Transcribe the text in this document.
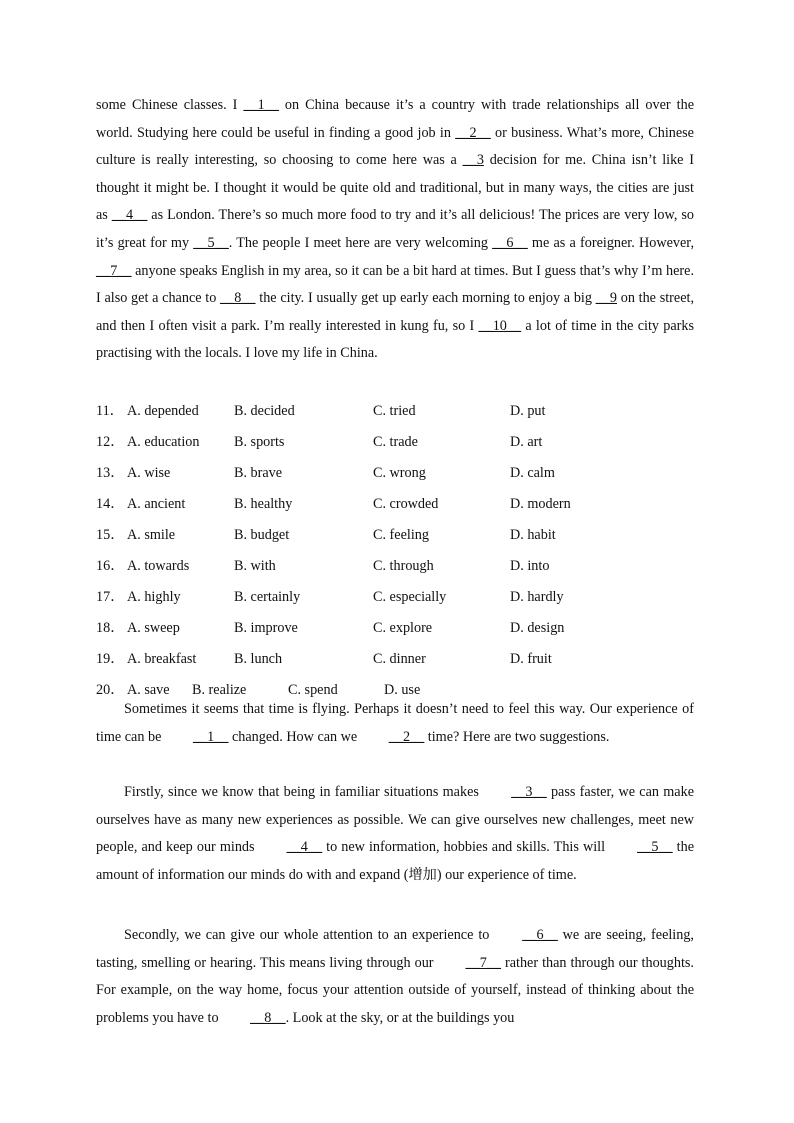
some Chinese classes. I __1__ on China because it’s a country with trade relationships all over the world. Studying here could be useful in finding a good job in __2__ or business. What’s more, Chinese culture is really interesting, so choosing to come here was a __3 decision for me. China isn’t like I thought it might be. I thought it would be quite old and traditional, but in many ways, the cities are just as __4__ as London. There’s so much more food to try and it’s all delicious! The prices are very low, so it’s great for my __5__. The people I meet here are very welcoming __6__ me as a foreigner. However, __7__ anyone speaks English in my area, so it can be a bit hard at times. But I guess that’s why I’m here. I also get a chance to __8__ the city. I usually get up early each morning to enjoy a big __9 on the street, and then I often visit a park. I’m really interested in kung fu, so I __10__ a lot of time in the city parks practising with the locals. I love my life in China.
11． A. depended B. decided	C. tried	D. put
12． A. education B. sports	C. trade	D. art
13． A. wise	B. brave	C. wrong	D. calm
14． A. ancient	B. healthy	C. crowded	D. modern
15． A. smile	B. budget	C. feeling	D. habit
16． A. towards	B. with	C. through	D. into
17． A. highly	B. certainly	C. especially	D. hardly
18． A. sweep	B. improve	C. explore	D. design
19． A. breakfast	B. lunch	C. dinner	D. fruit
20． A. save B. realize	C. spend	D. use
Sometimes it seems that time is flying. Perhaps it doesn’t need to feel this way. Our experience of time can be __1__ changed. How can we __2__ time? Here are two suggestions.
Firstly, since we know that being in familiar situations makes __3__ pass faster, we can make ourselves have as many new experiences as possible. We can give ourselves new challenges, meet new people, and keep our minds __4__ to new information, hobbies and skills. This will __5__ the amount of information our minds do with and expand (增加) our experience of time.
Secondly, we can give our whole attention to an experience to __6__ we are seeing, feeling, tasting, smelling or hearing. This means living through our __7__ rather than through our thoughts. For example, on the way home, focus your attention outside of yourself, instead of thinking about the problems you have to __8__. Look at the sky, or at the buildings you
